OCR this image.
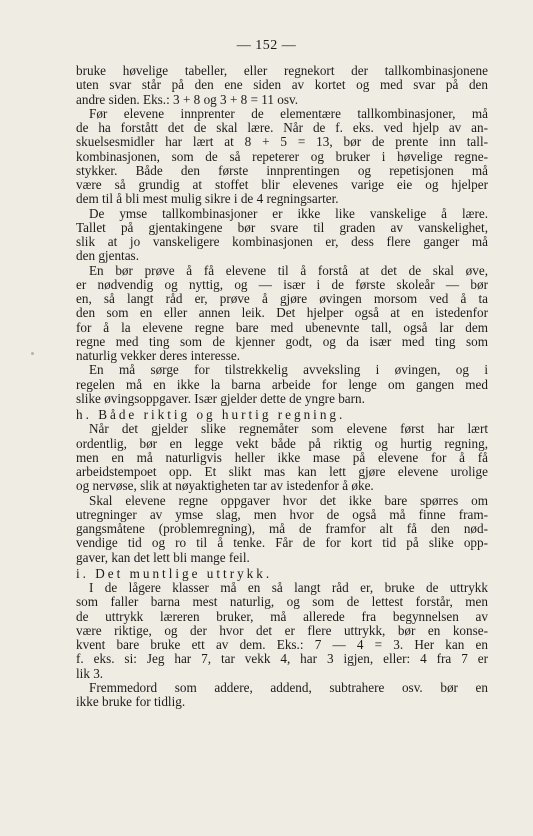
— 152 —
bruke høvelige tabeller, eller regnekort der tallkombinasjonene
uten svar står på den ene siden av kortet og med svar på den
andre siden. Eks.: 3 + 8 og 3 + 8 = 11 osv.
Før elevene innprenter de elementære tallkombinasjoner, må
de ha forstått det de skal lære. Når de f. eks. ved hjelp av an-
skuelsesmidler har lært at 8 + 5 = 13, bør de prente inn tall-
kombinasjonen, som de så repeterer og bruker i høvelige regne-
stykker. Både den første innprentingen og repetisjonen må
være så grundig at stoffet blir elevenes varige eie og hjelper
dem til å bli mest mulig sikre i de 4 regningsarter.
De ymse tallkombinasjoner er ikke like vanskelige å lære.
Tallet på gjentakingene bør svare til graden av vanskelighet,
slik at jo vanskeligere kombinasjonen er, dess flere ganger må
den gjentas.
En bør prøve å få elevene til å forstå at det de skal øve,
er nødvendig og nyttig, og — især i de første skoleår — bør
en, så langt råd er, prøve å gjøre øvingen morsom ved å ta
den som en eller annen leik. Det hjelper også at en istedenfor
for å la elevene regne bare med ubenevnte tall, også lar dem
regne med ting som de kjenner godt, og da især med ting som
naturlig vekker deres interesse.
En må sørge for tilstrekkelig avveksling i øvingen, og i
regelen må en ikke la barna arbeide for lenge om gangen med
slike øvingsoppgaver. Især gjelder dette de yngre barn.
h. Både riktig og hurtig regning.
Når det gjelder slike regnemåter som elevene først har lært
ordentlig, bør en legge vekt både på riktig og hurtig regning,
men en må naturligvis heller ikke mase på elevene for å få
arbeidstempoet opp. Et slikt mas kan lett gjøre elevene urolige
og nervøse, slik at nøyaktigheten tar av istedenfor å øke.
Skal elevene regne oppgaver hvor det ikke bare spørres om
utregninger av ymse slag, men hvor de også må finne fram-
gangsmåtene (problemregning), må de framfor alt få den nød-
vendige tid og ro til å tenke. Får de for kort tid på slike opp-
gaver, kan det lett bli mange feil.
i. Det muntlige uttrykk.
I de lågere klasser må en så langt råd er, bruke de uttrykk
som faller barna mest naturlig, og som de lettest forstår, men
de uttrykk læreren bruker, må allerede fra begynnelsen av
være riktige, og der hvor det er flere uttrykk, bør en konse-
kvent bare bruke ett av dem. Eks.: 7 — 4 = 3. Her kan en
f. eks. si: Jeg har 7, tar vekk 4, har 3 igjen, eller: 4 fra 7 er
lik 3.
Fremmedord som addere, addend, subtrahere osv. bør en
ikke bruke for tidlig.
